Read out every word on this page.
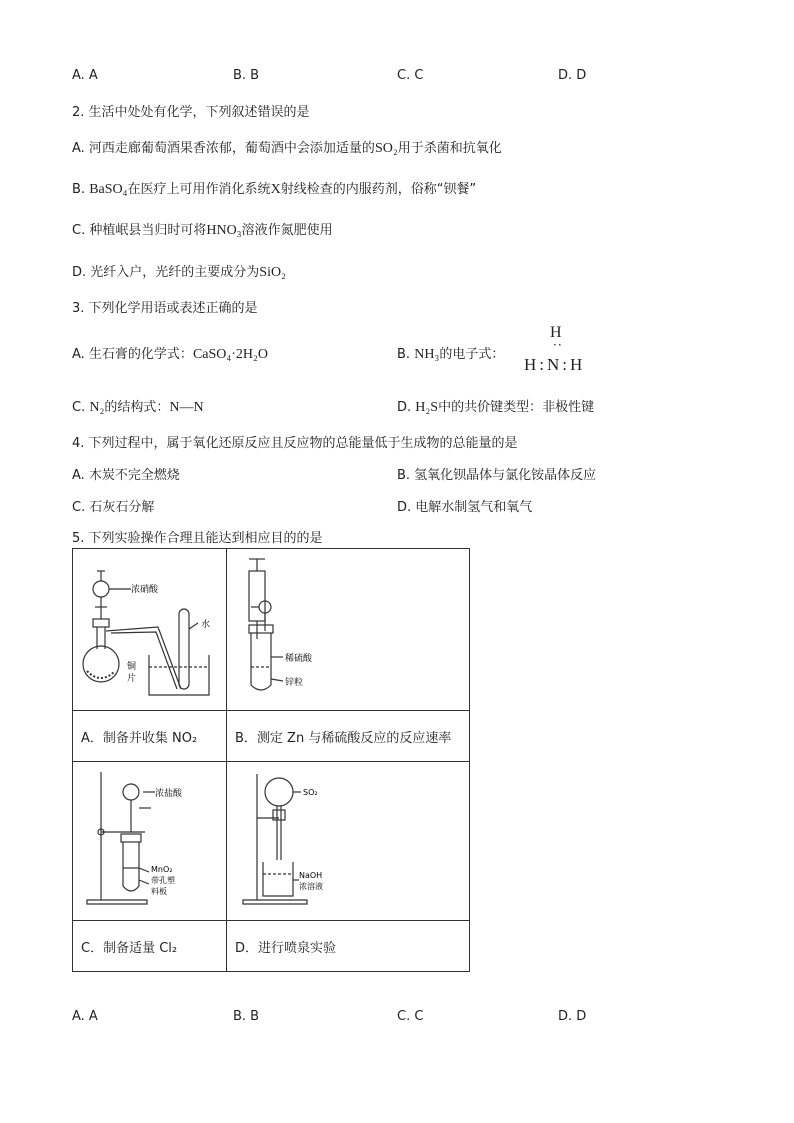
A. A	B. B	C. C	D. D
2. 生活中处处有化学，下列叙述错误的是
A. 河西走廊葡萄酒果香浓郁，葡萄酒中会添加适量的SO₂用于杀菌和抗氧化
B. BaSO₄在医疗上可用作消化系统X射线检查的内服药剂，俗称“钡餐”
C. 种植岷县当归时可将HNO₃溶液作氮肥使用
D. 光纤入户，光纤的主要成分为SiO₂
3. 下列化学用语或表述正确的是
A. 生石膏的化学式：CaSO₄·2H₂O	B. NH₃的电子式：
H
··
H:N:H
C. N₂的结构式：N—N	D. H₂S中的共价键类型：非极性键
4. 下列过程中，属于氧化还原反应且反应物的总能量低于生成物的总能量的是
A. 木炭不完全燃烧	B. 氢氧化钡晶体与氯化铵晶体反应
C. 石灰石分解	D. 电解水制氢气和氧气
5. 下列实验操作合理且能达到相应目的的是
浓硝酸
水
铜
片	稀硫酸
锌粒

A．制备并收集 NO₂	B．测定 Zn 与稀硫酸反应的反应速率

浓盐酸
MnO₂
带孔塑
料板	SO₂
NaOH
浓溶液

C．制备适量 Cl₂	D．进行喷泉实验
A. A	B. B	C. C	D. D
